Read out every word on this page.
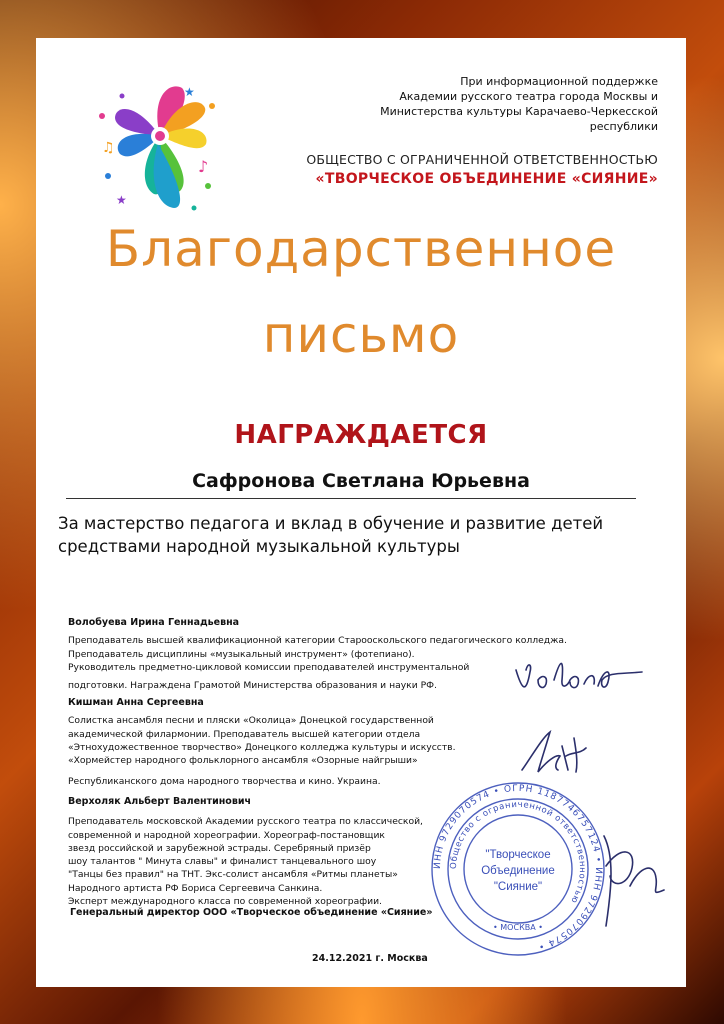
♪
♫
★
★
При информационной поддержке
Академии русского театра города Москвы и
Министерства культуры Карачаево-Черкесской
республики
ОБЩЕСТВО С ОГРАНИЧЕННОЙ ОТВЕТСТВЕННОСТЬЮ
«ТВОРЧЕСКОЕ ОБЪЕДИНЕНИЕ «СИЯНИЕ»
Благодарственное
письмо
НАГРАЖДАЕТСЯ
Сафронова Светлана Юрьевна
За мастерство педагога и вклад в обучение и развитие детей
средствами народной музыкальной культуры
Волобуева Ирина Геннадьевна
Преподаватель высшей квалификационной категории Старооскольского педагогического колледжа.
Преподаватель дисциплины «музыкальный инструмент» (фотепиано).
Руководитель предметно-цикловой комиссии преподавателей инструментальной
подготовки. Награждена Грамотой Министерства образования и науки РФ.
Кишман Анна Сергеевна
Солистка ансамбля песни и пляски «Околица» Донецкой государственной
академической филармонии. Преподаватель высшей категории отдела
«Этнохудожественное творчество» Донецкого колледжа культуры и искусств.
«Хормейстер народного фольклорного ансамбля «Озорные найгрыши»
Республиканского дома народного творчества и кино. Украина.
Верхоляк Альберт Валентинович
Преподаватель московской Академии русского театра по классической,
современной и народной хореографии. Хореограф-постановщик
звезд российской и зарубежной эстрады. Серебряный призёр
шоу талантов " Минута славы" и финалист танцевального шоу
"Танцы без правил" на ТНТ. Экс-солист ансамбля «Ритмы планеты»
Народного артиста РФ Бориса Сергеевича Санкина.
Эксперт международного класса по современной хореографии.
Генеральный директор ООО «Творческое объединение «Сияние»
24.12.2021 г. Москва
ИНН 9729070574 • ОГРН 1187746757124 • ИНН 9729070574 •
Общество с ограниченной ответственностью
"Творческое
Объединение
"Сияние"
• МОСКВА •
